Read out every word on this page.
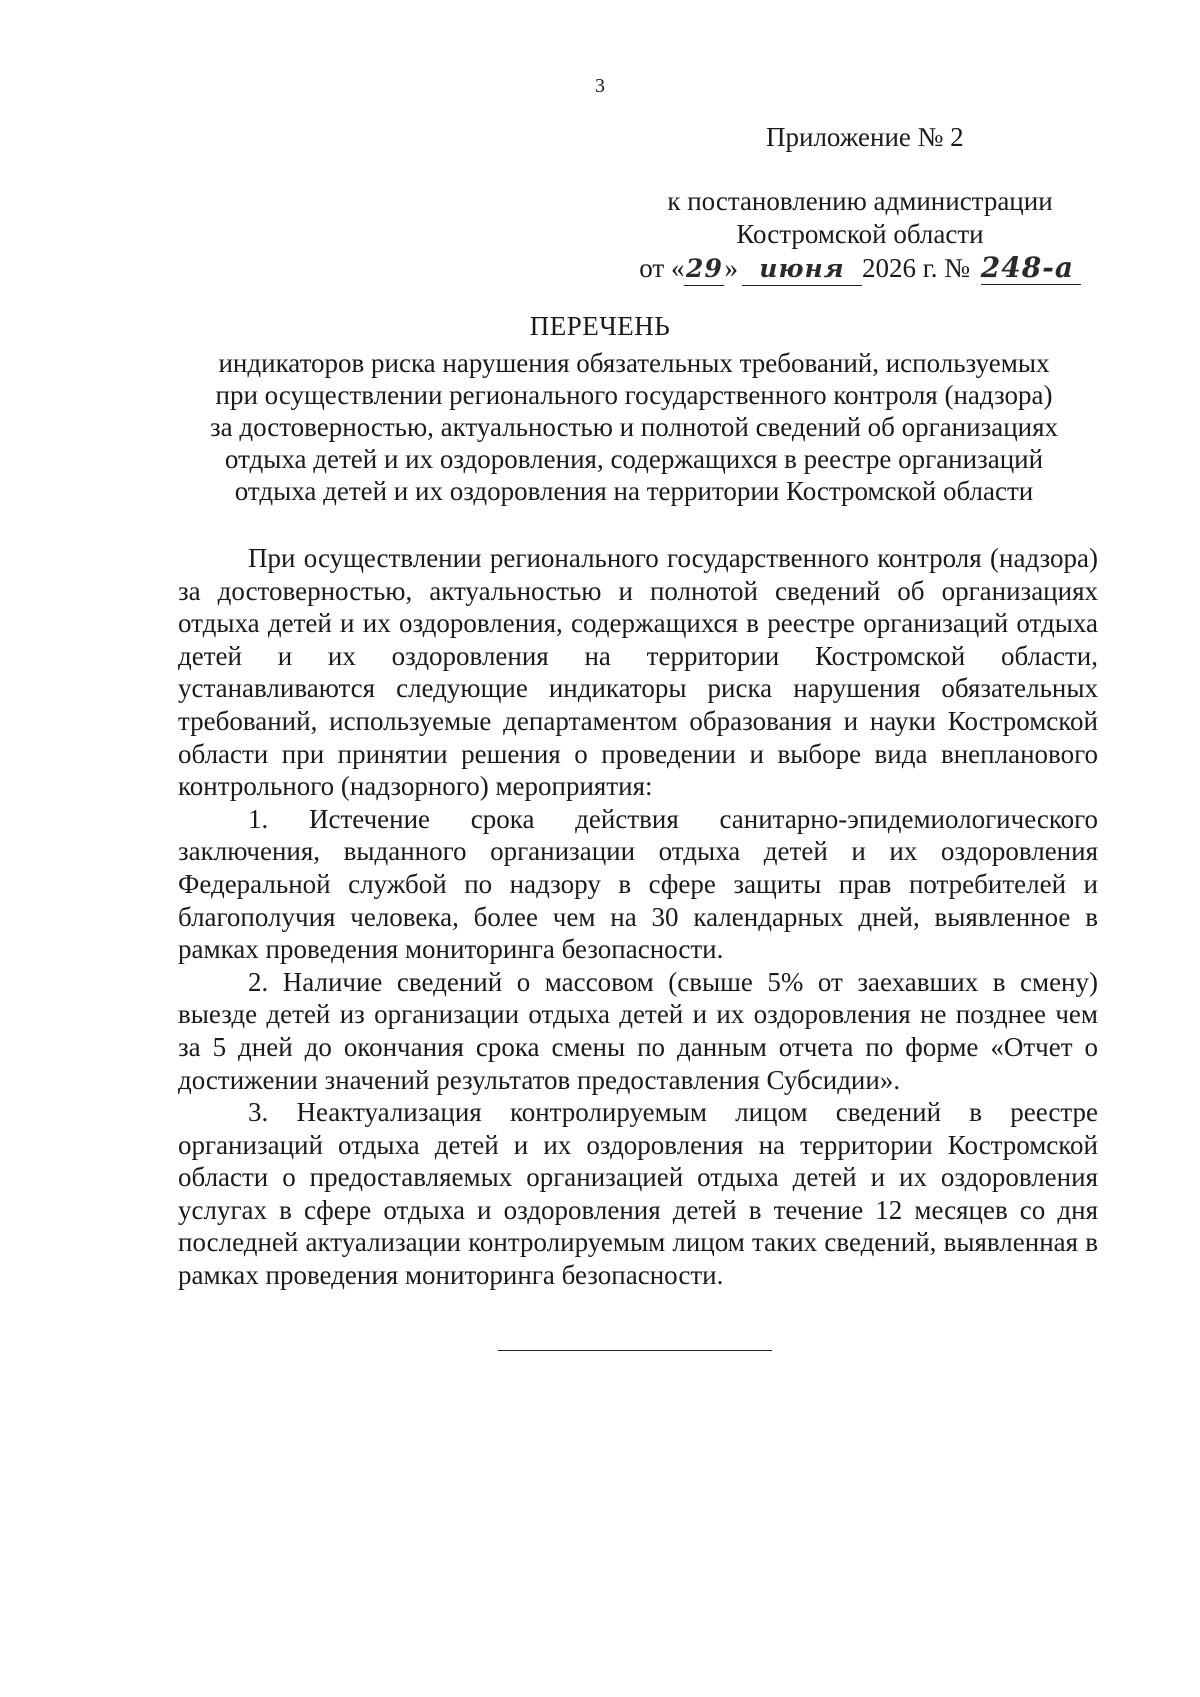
3
Приложение № 2
к постановлению администрации
Костромской области
от «29» июня 2026 г. № 248-а
ПЕРЕЧЕНЬ
индикаторов риска нарушения обязательных требований, используемых
при осуществлении регионального государственного контроля (надзора)
за достоверностью, актуальностью и полнотой сведений об организациях
отдыха детей и их оздоровления, содержащихся в реестре организаций
отдыха детей и их оздоровления на территории Костромской области

При осуществлении регионального государственного контроля (надзора) за достоверностью, актуальностью и полнотой сведений об организациях отдыха детей и их оздоровления, содержащихся в реестре организаций отдыха детей и их оздоровления на территории Костромской области, устанавливаются следующие индикаторы риска нарушения обязательных требований, используемые департаментом образования и науки Костромской области при принятии решения о проведении и выборе вида внепланового контрольного (надзорного) мероприятия:

1. Истечение срока действия санитарно-эпидемиологического заключения, выданного организации отдыха детей и их оздоровления Федеральной службой по надзору в сфере защиты прав потребителей и благополучия человека, более чем на 30 календарных дней, выявленное в рамках проведения мониторинга безопасности.

2. Наличие сведений о массовом (свыше 5% от заехавших в смену) выезде детей из организации отдыха детей и их оздоровления не позднее чем за 5 дней до окончания срока смены по данным отчета по форме «Отчет о достижении значений результатов предоставления Субсидии».

3. Неактуализация контролируемым лицом сведений в реестре организаций отдыха детей и их оздоровления на территории Костромской области о предоставляемых организацией отдыха детей и их оздоровления услугах в сфере отдыха и оздоровления детей в течение 12 месяцев со дня последней актуализации контролируемым лицом таких сведений, выявленная в рамках проведения мониторинга безопасности.
